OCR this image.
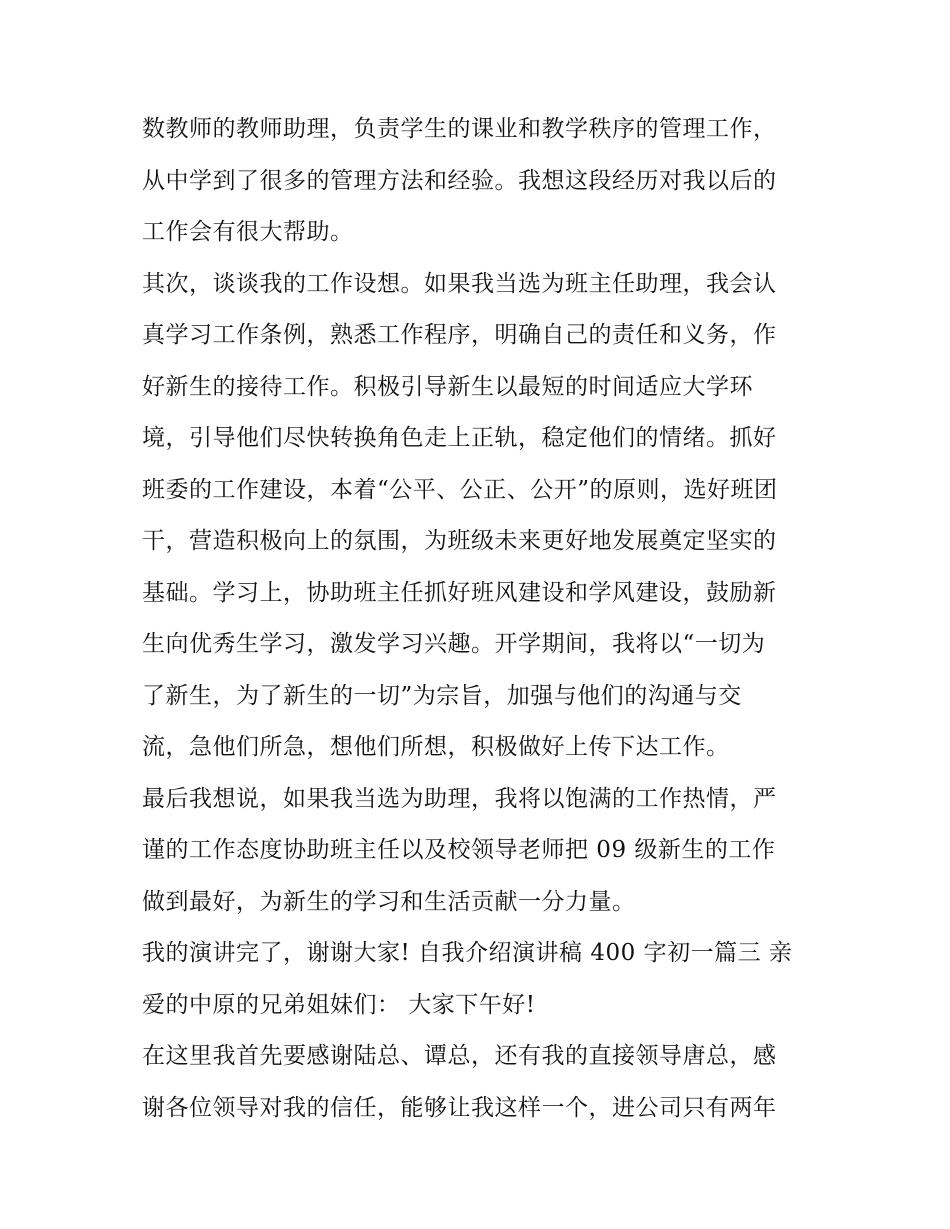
数教师的教师助理，负责学生的课业和教学秩序的管理工作，
从中学到了很多的管理方法和经验。我想这段经历对我以后的
工作会有很大帮助。
其次，谈谈我的工作设想。如果我当选为班主任助理，我会认
真学习工作条例，熟悉工作程序，明确自己的责任和义务，作
好新生的接待工作。积极引导新生以最短的时间适应大学环
境，引导他们尽快转换角色走上正轨，稳定他们的情绪。抓好
班委的工作建设，本着“公平、公正、公开”的原则，选好班团
干，营造积极向上的氛围，为班级未来更好地发展奠定坚实的
基础。学习上，协助班主任抓好班风建设和学风建设，鼓励新
生向优秀生学习，激发学习兴趣。开学期间，我将以“一切为
了新生，为了新生的一切”为宗旨，加强与他们的沟通与交
流，急他们所急，想他们所想，积极做好上传下达工作。
最后我想说，如果我当选为助理，我将以饱满的工作热情，严
谨的工作态度协助班主任以及校领导老师把 09 级新生的工作
做到最好，为新生的学习和生活贡献一分力量。
我的演讲完了，谢谢大家! 自我介绍演讲稿 400 字初一篇三 亲
爱的中原的兄弟姐妹们： 大家下午好!
在这里我首先要感谢陆总、谭总，还有我的直接领导唐总，感
谢各位领导对我的信任，能够让我这样一个，进公司只有两年
